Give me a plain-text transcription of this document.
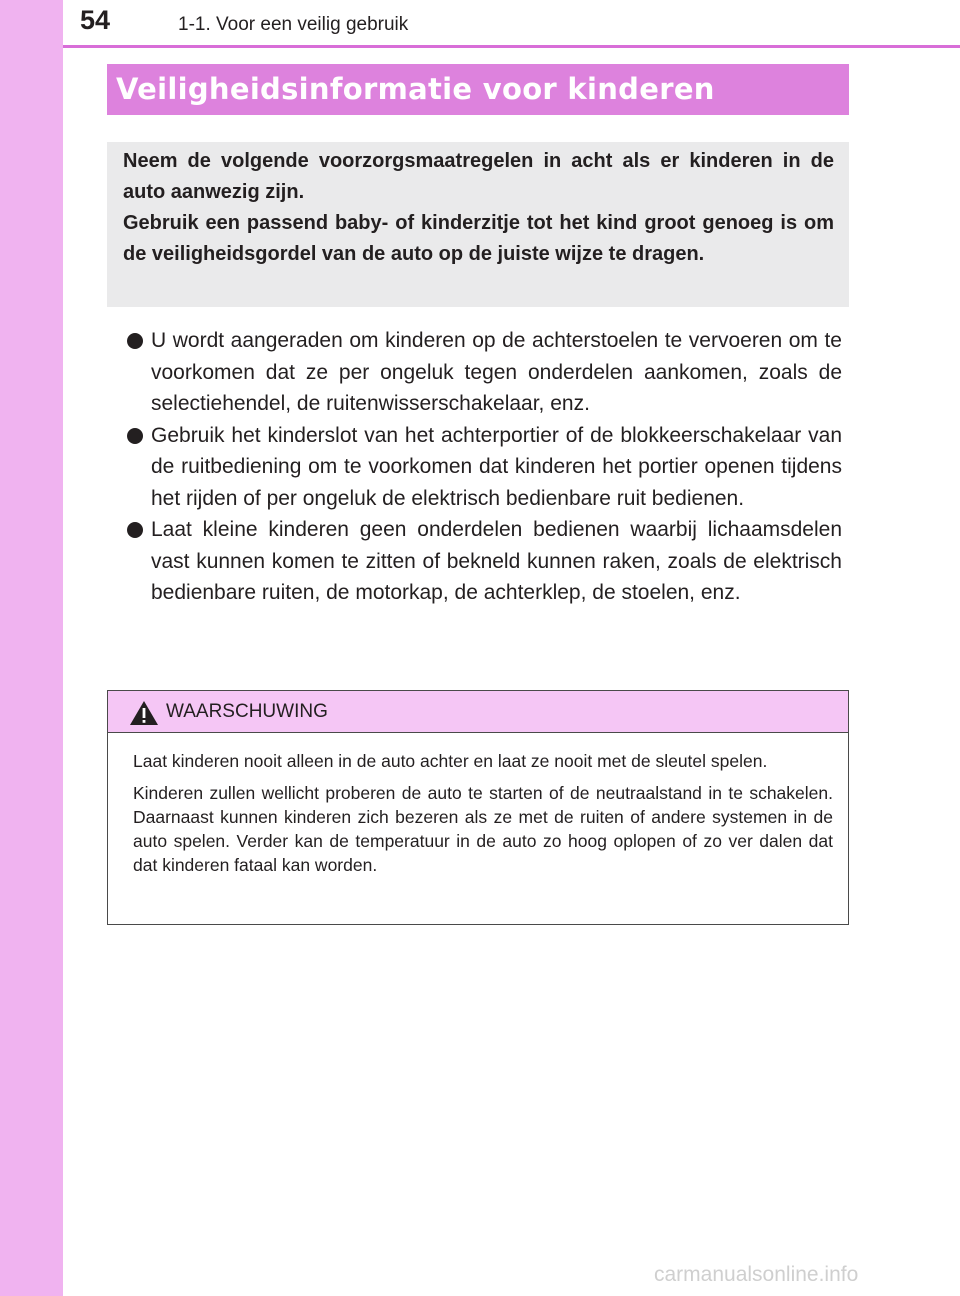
54	1-1. Voor een veilig gebruik
Veiligheidsinformatie voor kinderen
Neem de volgende voorzorgsmaatregelen in acht als er kinderen in de auto aanwezig zijn.
Gebruik een passend baby- of kinderzitje tot het kind groot genoeg is om de veiligheidsgordel van de auto op de juiste wijze te dragen.
U wordt aangeraden om kinderen op de achterstoelen te vervoeren om te voorkomen dat ze per ongeluk tegen onderdelen aankomen, zoals de selectiehendel, de ruitenwisserschakelaar, enz.
Gebruik het kinderslot van het achterportier of de blokkeerschakelaar van de ruitbediening om te voorkomen dat kinderen het portier openen tijdens het rijden of per ongeluk de elektrisch bedienbare ruit bedienen.
Laat kleine kinderen geen onderdelen bedienen waarbij lichaamsdelen vast kunnen komen te zitten of bekneld kunnen raken, zoals de elektrisch bedienbare ruiten, de motorkap, de achterklep, de stoelen, enz.
WAARSCHUWING

Laat kinderen nooit alleen in de auto achter en laat ze nooit met de sleutel spelen.

Kinderen zullen wellicht proberen de auto te starten of de neutraalstand in te schakelen. Daarnaast kunnen kinderen zich bezeren als ze met de ruiten of andere systemen in de auto spelen. Verder kan de temperatuur in de auto zo hoog oplopen of zo ver dalen dat dat kinderen fataal kan worden.

carmanualsonline.info
